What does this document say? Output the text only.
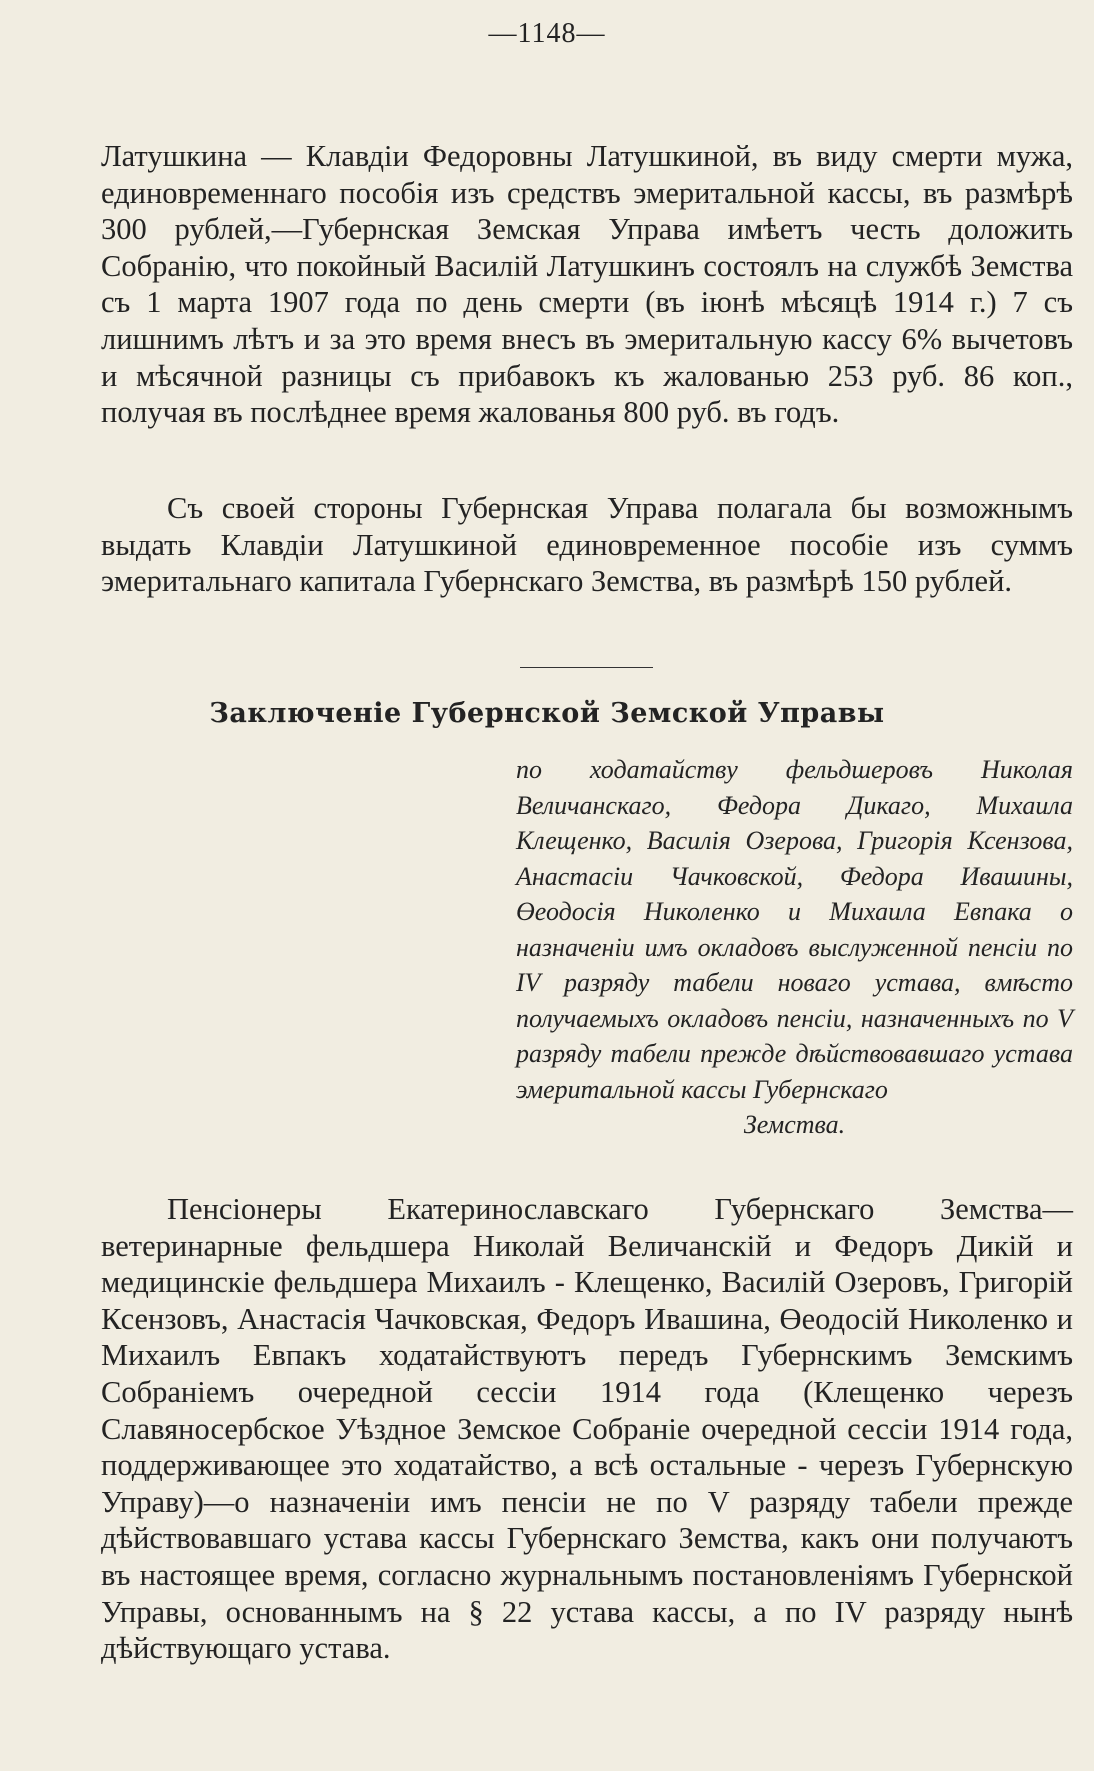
—1148—
Латушкина — Клавдіи Федоровны Латушкиной, въ виду смерти мужа, единовременнаго пособія изъ средствъ эмеритальной кассы, въ размѣрѣ 300 рублей,—Губернская Земская Управа имѣетъ честь доложить Собранію, что покойный Василій Латушкинъ состоялъ на службѣ Земства съ 1 марта 1907 года по день смерти (въ іюнѣ мѣсяцѣ 1914 г.) 7 съ лишнимъ лѣтъ и за это время внесъ въ эмеритальную кассу 6% вычетовъ и мѣсячной разницы съ прибавокъ къ жалованью 253 руб. 86 коп., получая въ послѣднее время жалованья 800 руб. въ годъ.
Съ своей стороны Губернская Управа полагала бы возможнымъ выдать Клавдіи Латушкиной единовременное пособіе изъ суммъ эмеритальнаго капитала Губернскаго Земства, въ размѣрѣ 150 рублей.
Заключеніе Губернской Земской Управы
по ходатайству фельдшеровъ Николая Величанскаго, Федора Дикаго, Михаила Клещенко, Василія Озерова, Григорія Ксензова, Анастасіи Чачковской, Федора Ивашины, Өеодосія Николенко и Михаила Евпака о назначеніи имъ окладовъ выслуженной пенсіи по IV разряду табели новаго устава, вмѣсто получаемыхъ окладовъ пенсіи, назначенныхъ по V разряду табели прежде дѣйствовавшаго устава эмеритальной кассы Губернскаго
Земства.
Пенсіонеры Екатеринославскаго Губернскаго Земства— ветеринарные фельдшера Николай Величанскій и Федоръ Дикій и медицинскіе фельдшера Михаилъ - Клещенко, Василій Озеровъ, Григорій Ксензовъ, Анастасія Чачковская, Федоръ Ивашина, Өеодосій Николенко и Михаилъ Евпакъ ходатайствуютъ передъ Губернскимъ Земскимъ Собраніемъ очередной сессіи 1914 года (Клещенко черезъ Славяносербское Уѣздное Земское Собраніе очередной сессіи 1914 года, поддерживающее это ходатайство, а всѣ остальные - черезъ Губернскую Управу)—о назначеніи имъ пенсіи не по V разряду табели прежде дѣйствовавшаго устава кассы Губернскаго Земства, какъ они получаютъ въ настоящее время, согласно журнальнымъ постановленіямъ Губернской Управы, основаннымъ на § 22 устава кассы, а по IV разряду нынѣ дѣйствующаго устава.
